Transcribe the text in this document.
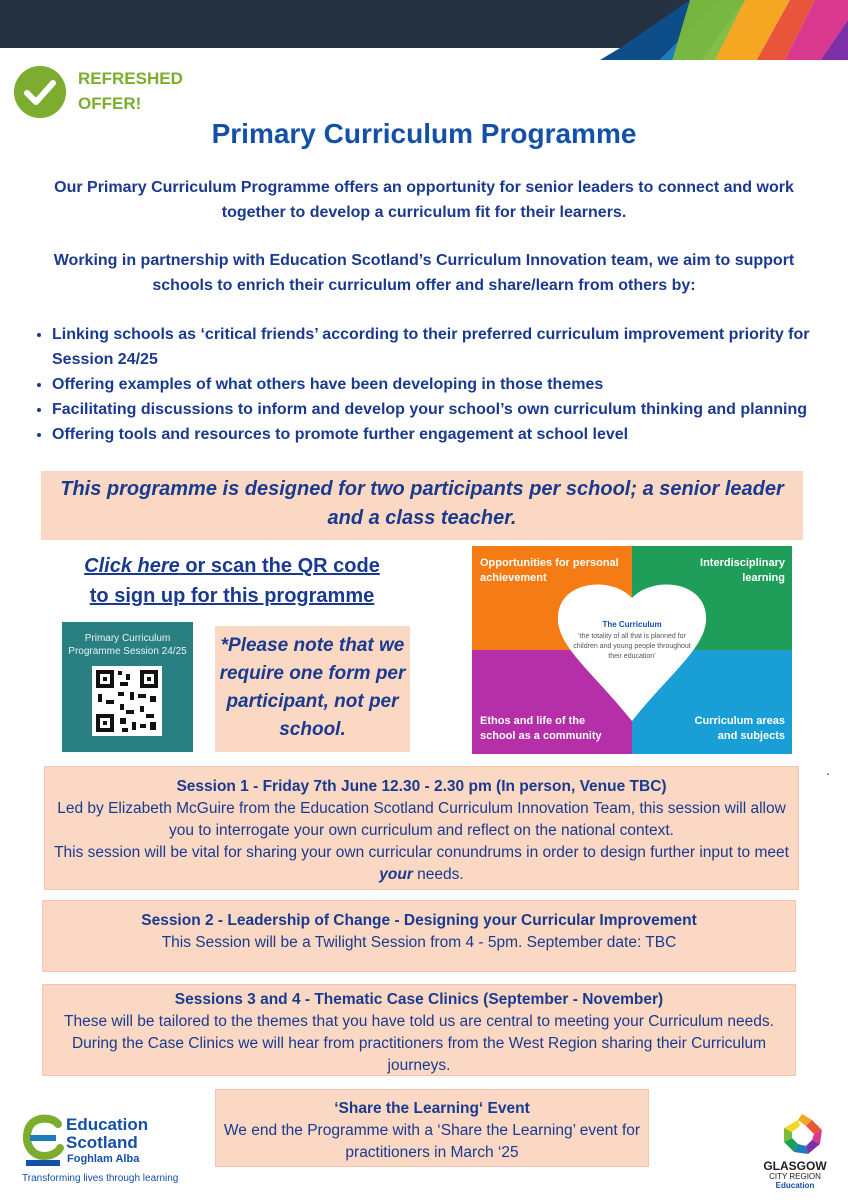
REFRESHED
OFFER!
Primary Curriculum Programme
Our Primary Curriculum Programme offers an opportunity for senior leaders to connect and work together to develop a curriculum fit for their learners.
Working in partnership with Education Scotland’s Curriculum Innovation team, we aim to support schools to enrich their curriculum offer and share/learn from others by:
• Linking schools as ‘critical friends’ according to their preferred curriculum improvement priority for Session 24/25
• Offering examples of what others have been developing in those themes
• Facilitating discussions to inform and develop your school’s own curriculum thinking and planning
• Offering tools and resources to promote further engagement at school level
This programme is designed for two participants per school; a senior leader and a class teacher.
Click here or scan the QR code to sign up for this programme
Primary Curriculum Programme Session 24/25	*Please note that we require one form per participant, not per school.
Opportunities for personal achievement
Interdisciplinary learning
Ethos and life of the school as a community
Curriculum areas and subjects
The Curriculum
‘the totality of all that is planned for children and young people throughout their education’
.
Session 1 - Friday 7th June 12.30 - 2.30 pm (In person, Venue TBC)
Led by Elizabeth McGuire from the Education Scotland Curriculum Innovation Team, this session will allow you to interrogate your own curriculum and reflect on the national context.
This session will be vital for sharing your own curricular conundrums in order to design further input to meet your needs.
Session 2 - Leadership of Change - Designing your Curricular Improvement
This Session will be a Twilight Session from 4 - 5pm. September date: TBC
Sessions 3 and 4 - Thematic Case Clinics (September - November)
These will be tailored to the themes that you have told us are central to meeting your Curriculum needs. During the Case Clinics we will hear from practitioners from the West Region sharing their Curriculum journeys.
‘Share the Learning‘ Event
We end the Programme with a ‘Share the Learning’ event for practitioners in March ‘25
Education
Scotland
Foghlam Alba
Transforming lives through learning
GLASGOW
CITY REGION
Education
